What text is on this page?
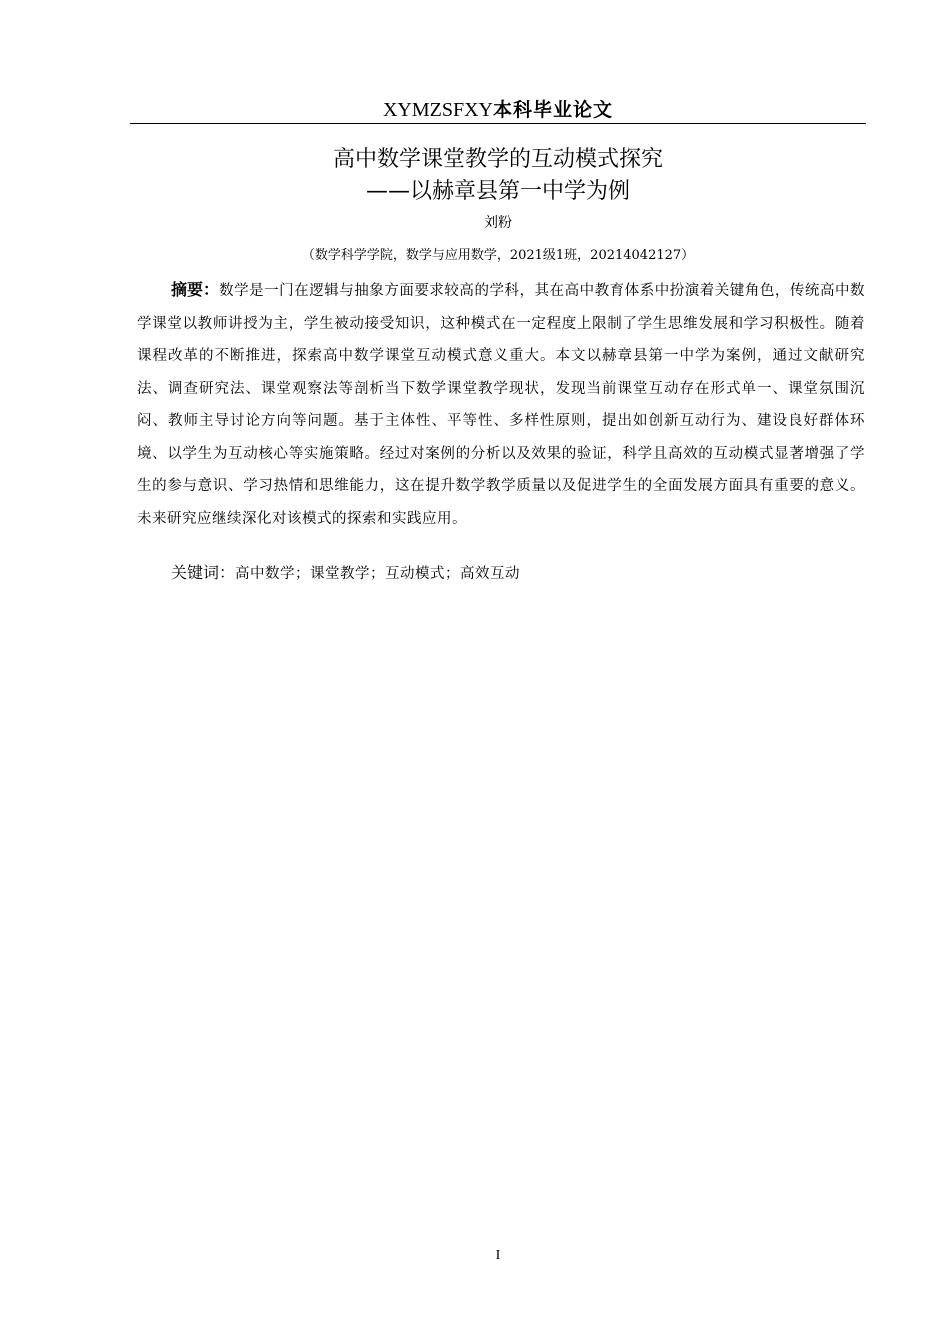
XYMZSFXY本科毕业论文
高中数学课堂教学的互动模式探究
——以赫章县第一中学为例
刘粉
（数学科学学院，数学与应用数学，2021级1班，20214042127）

摘要：数学是一门在逻辑与抽象方面要求较高的学科，其在高中教育体系中扮演着关键角色，传统高中数学课堂以教师讲授为主，学生被动接受知识，这种模式在一定程度上限制了学生思维发展和学习积极性。随着课程改革的不断推进，探索高中数学课堂互动模式意义重大。本文以赫章县第一中学为案例，通过文献研究法、调查研究法、课堂观察法等剖析当下数学课堂教学现状，发现当前课堂互动存在形式单一、课堂氛围沉闷、教师主导讨论方向等问题。基于主体性、平等性、多样性原则，提出如创新互动行为、建设良好群体环境、以学生为互动核心等实施策略。经过对案例的分析以及效果的验证，科学且高效的互动模式显著增强了学生的参与意识、学习热情和思维能力，这在提升数学教学质量以及促进学生的全面发展方面具有重要的意义。未来研究应继续深化对该模式的探索和实践应用。

关键词：高中数学；课堂教学；互动模式；高效互动

I
